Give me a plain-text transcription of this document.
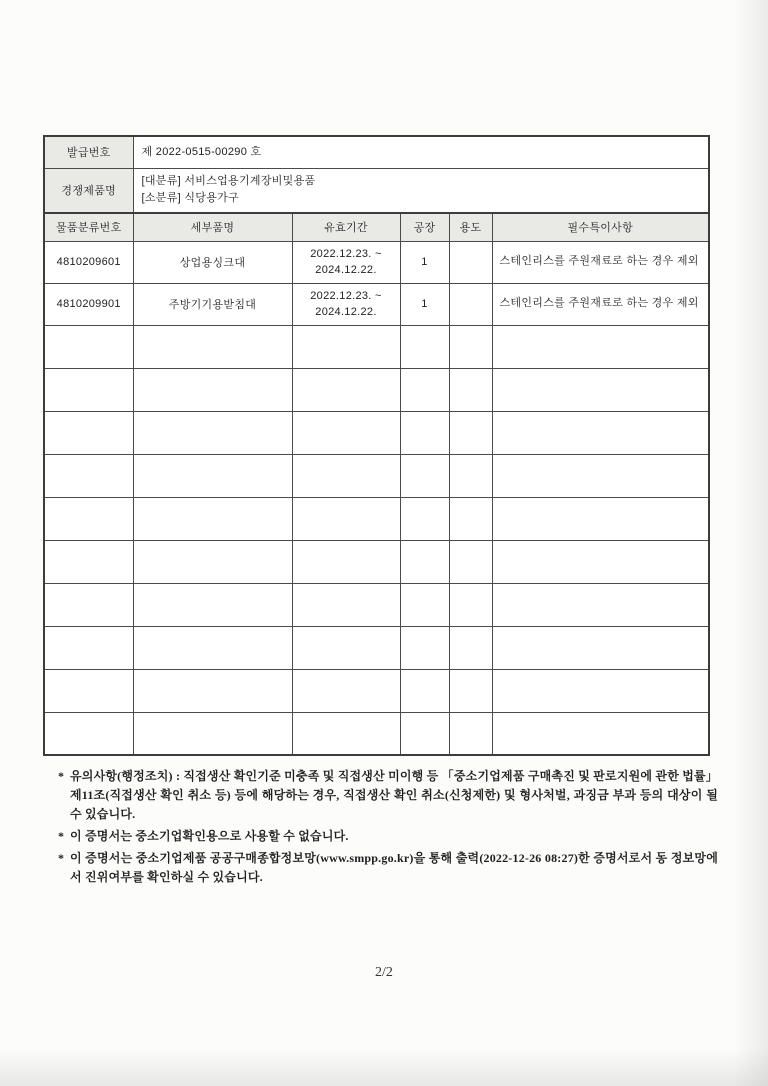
발급번호	제 2022-0515-00290 호				
경쟁제품명	[대분류] 서비스업용기계장비및용품
[소분류] 식당용가구				

물품분류번호	세부품명	유효기간	공장	용도	필수특이사항
4810209601	상업용싱크대	2022.12.23. ~
2024.12.22.	1		스테인리스를 주원재료로 하는 경우 제외
4810209901	주방기기용받침대	2022.12.23. ~
2024.12.22.	1		스테인리스를 주원재료로 하는 경우 제외

* 유의사항(행정조치) : 직접생산 확인기준 미충족 및 직접생산 미이행 등 「중소기업제품 구매촉진 및 판로지원에 관한 법률」 제11조(직접생산 확인 취소 등) 등에 해당하는 경우, 직접생산 확인 취소(신청제한) 및 형사처벌, 과징금 부과 등의 대상이 될 수 있습니다.
* 이 증명서는 중소기업확인용으로 사용할 수 없습니다.
* 이 증명서는 중소기업제품 공공구매종합정보망(www.smpp.go.kr)을 통해 출력(2022-12-26 08:27)한 증명서로서 동 정보망에서 진위여부를 확인하실 수 있습니다.
2/2
